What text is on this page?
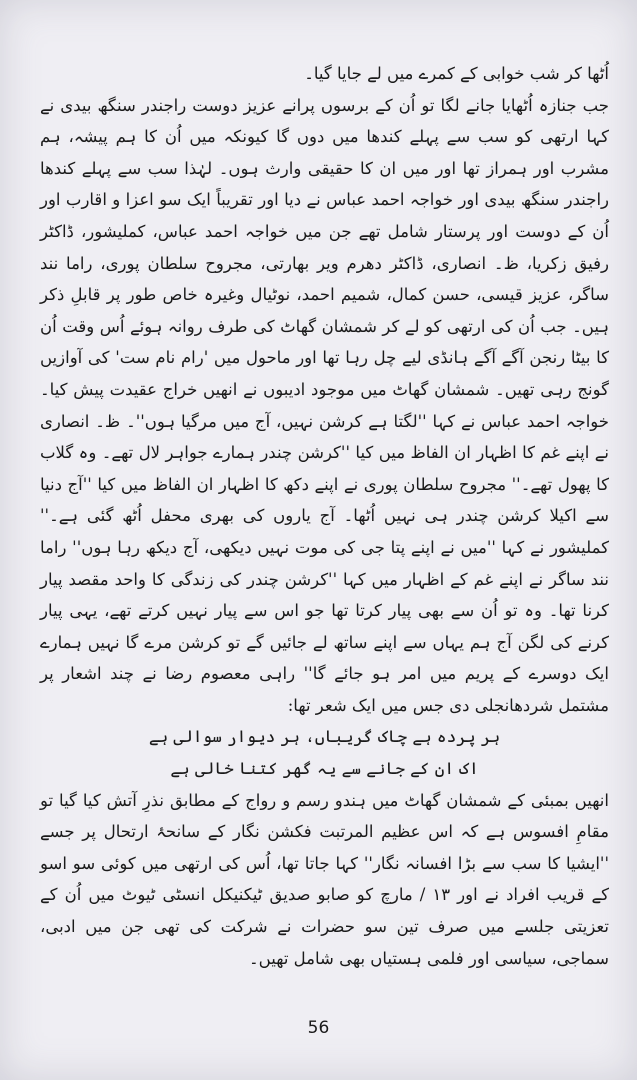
اُٹھا کر شب خوابی کے کمرے میں لے جایا گیا۔

جب جنازہ اُٹھایا جانے لگا تو اُن کے برسوں پرانے عزیز دوست راجندر سنگھ بیدی نے کہا ارتھی کو سب سے پہلے کندھا میں دوں گا کیونکہ میں اُن کا ہم پیشہ، ہم مشرب اور ہمراز تھا اور میں ان کا حقیقی وارث ہوں۔ لہٰذا سب سے پہلے کندھا راجندر سنگھ بیدی اور خواجہ احمد عباس نے دیا اور تقریباً ایک سو اعزا و اقارب اور اُن کے دوست اور پرستار شامل تھے جن میں خواجہ احمد عباس، کملیشور، ڈاکٹر رفیق زکریا، ظ۔ انصاری، ڈاکٹر دھرم ویر بھارتی، مجروح سلطان پوری، راما نند ساگر، عزیز قیسی، حسن کمال، شمیم احمد، نوٹیال وغیرہ خاص طور پر قابلِ ذکر ہیں۔ جب اُن کی ارتھی کو لے کر شمشان گھاٹ کی طرف روانہ ہوئے اُس وقت اُن کا بیٹا رنجن آگے آگے ہانڈی لیے چل رہا تھا اور ماحول میں 'رام نام ست' کی آوازیں گونج رہی تھیں۔ شمشان گھاٹ میں موجود ادیبوں نے انھیں خراج عقیدت پیش کیا۔ خواجہ احمد عباس نے کہا ''لگتا ہے کرشن نہیں، آج میں مرگیا ہوں''۔ ظ۔ انصاری نے اپنے غم کا اظہار ان الفاظ میں کیا ''کرشن چندر ہمارے جواہر لال تھے۔ وہ گلاب کا پھول تھے۔'' مجروح سلطان پوری نے اپنے دکھ کا اظہار ان الفاظ میں کیا ''آج دنیا سے اکیلا کرشن چندر ہی نہیں اُٹھا۔ آج یاروں کی بھری محفل اُٹھ گئی ہے۔'' کملیشور نے کہا ''میں نے اپنے پتا جی کی موت نہیں دیکھی، آج دیکھ رہا ہوں'' راما نند ساگر نے اپنے غم کے اظہار میں کہا ''کرشن چندر کی زندگی کا واحد مقصد پیار کرنا تھا۔ وہ تو اُن سے بھی پیار کرتا تھا جو اس سے پیار نہیں کرتے تھے، یہی پیار کرنے کی لگن آج ہم یہاں سے اپنے ساتھ لے جائیں گے تو کرشن مرے گا نہیں ہمارے ایک دوسرے کے پریم میں امر ہو جائے گا'' راہی معصوم رضا نے چند اشعار پر مشتمل شردھانجلی دی جس میں ایک شعر تھا:

ہر پردہ ہے چاک گریباں، ہر دیوار سوالی ہے

اک ان کے جانے سے یہ گھر کتنا خالی ہے

انھیں بمبئی کے شمشان گھاٹ میں ہندو رسم و رواج کے مطابق نذرِ آتش کیا گیا تو مقامِ افسوس ہے کہ اس عظیم المرتبت فکشن نگار کے سانحۂ ارتحال پر جسے ''ایشیا کا سب سے بڑا افسانہ نگار'' کہا جاتا تھا، اُس کی ارتھی میں کوئی سو اسو کے قریب افراد نے اور ۱۳ / مارچ کو صابو صدیق ٹیکنیکل انسٹی ٹیوٹ میں اُن کے تعزیتی جلسے میں صرف تین سو حضرات نے شرکت کی تھی جن میں ادبی، سماجی، سیاسی اور فلمی ہستیاں بھی شامل تھیں۔

56
